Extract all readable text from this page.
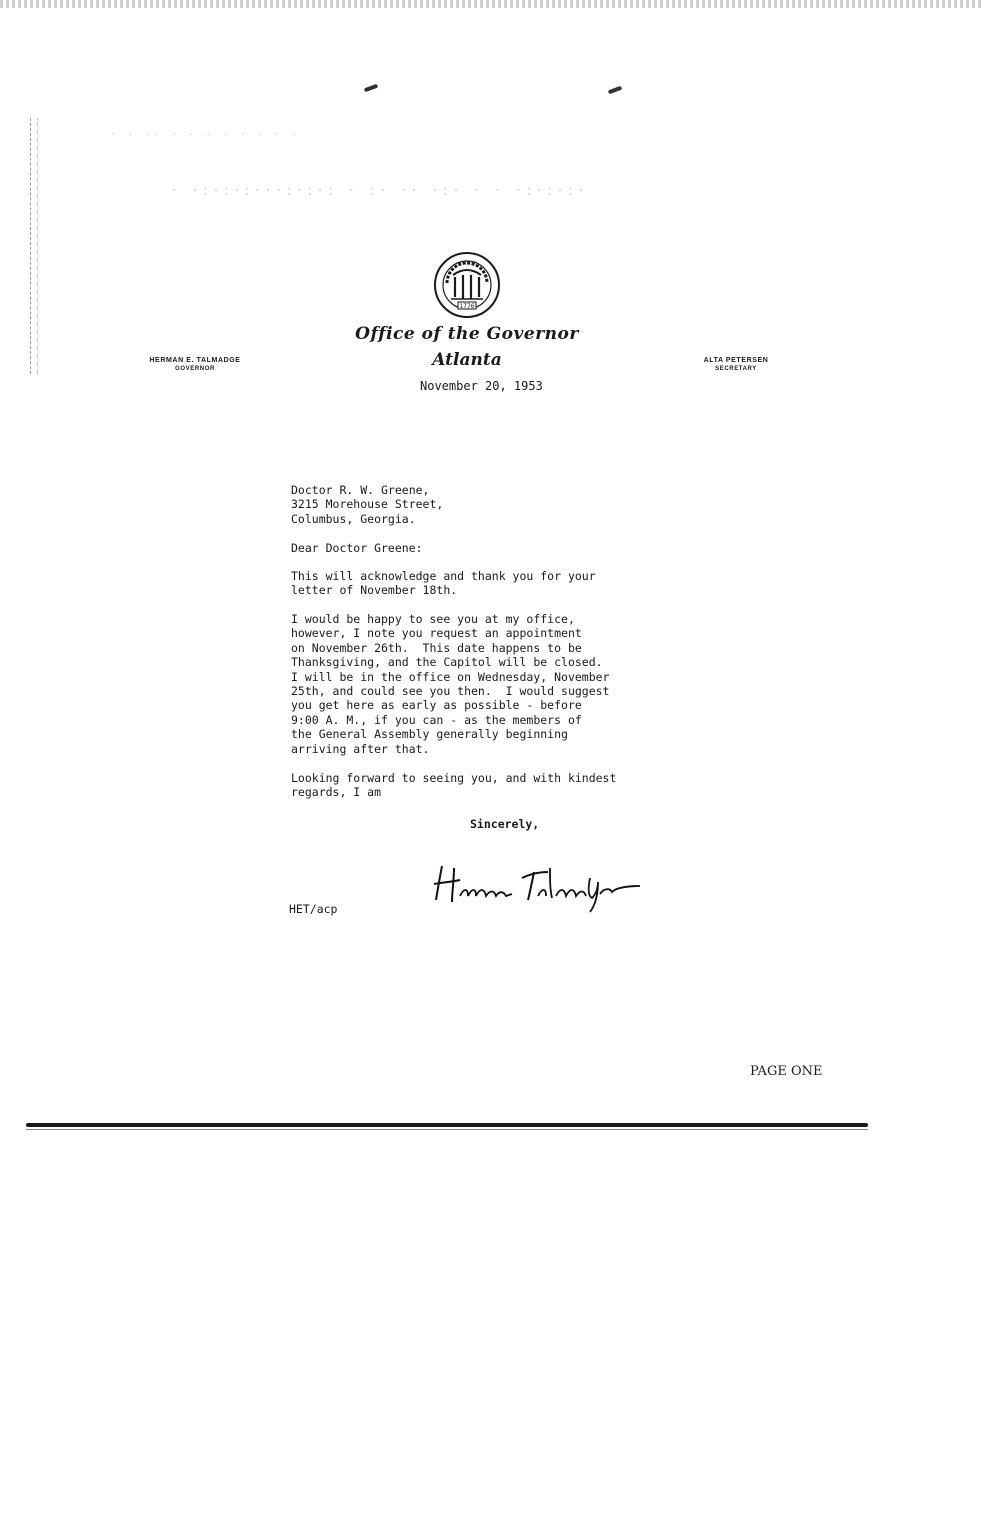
· ·:·:·:···:·:·: · :· ·· ·:· · · ·:·:·:·
· · ·· · · · · · · · ·
1776
Office of the Governor
Atlanta
HERMAN E. TALMADGE
GOVERNOR
ALTA PETERSEN
SECRETARY
November 20, 1953
Doctor R. W. Greene,
3215 Morehouse Street,
Columbus, Georgia.
Dear Doctor Greene:
This will acknowledge and thank you for your
letter of November 18th.
I would be happy to see you at my office,
however, I note you request an appointment
on November 26th.  This date happens to be
Thanksgiving, and the Capitol will be closed.
I will be in the office on Wednesday, November
25th, and could see you then.  I would suggest
you get here as early as possible - before
9:00 A. M., if you can - as the members of
the General Assembly generally beginning
arriving after that.
Looking forward to seeing you, and with kindest
regards, I am
Sincerely,
HET/acp
PAGE ONE
